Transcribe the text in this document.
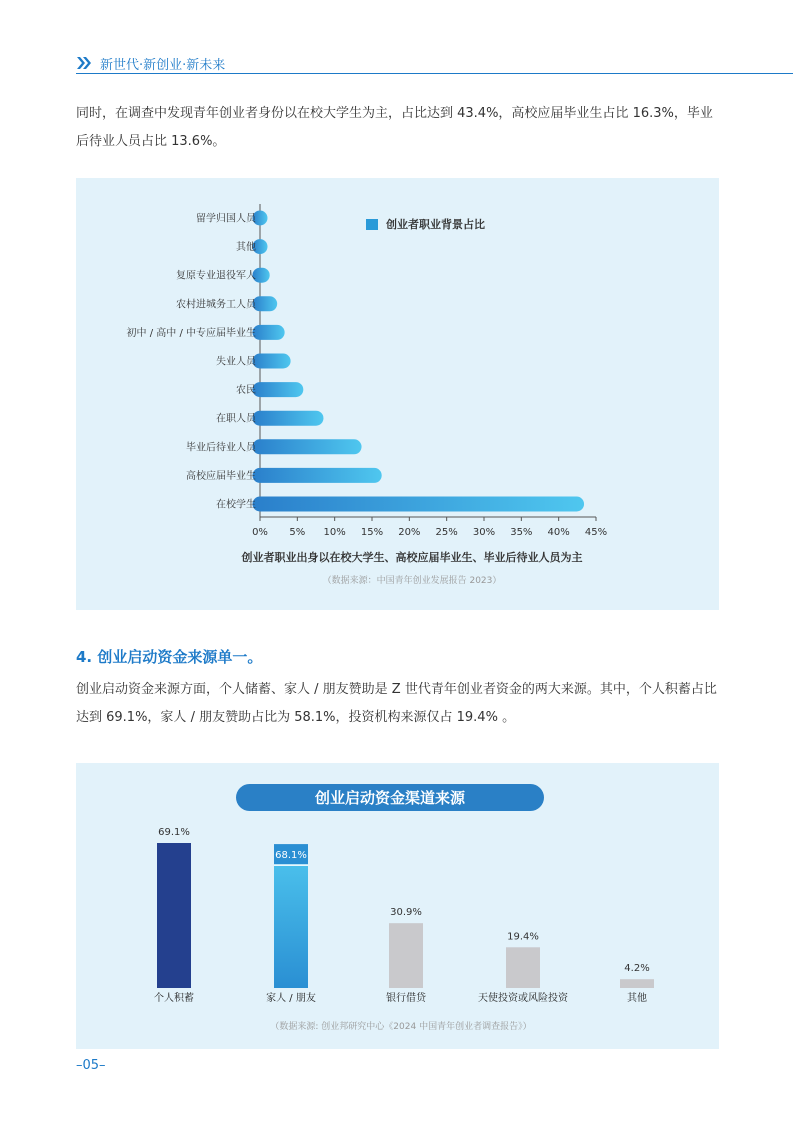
新世代·新创业·新未来
同时，在调查中发现青年创业者身份以在校大学生为主，占比达到 43.4%，高校应届毕业生占比 16.3%，毕业后待业人员占比 13.6%。
创业者职业背景占比
留学归国人员
其他
复原专业退役军人
农村进城务工人员
初中 / 高中 / 中专应届毕业生
失业人员
农民
在职人员
毕业后待业人员
高校应届毕业生
在校学生
0% 5% 10% 15% 20% 25% 30% 35% 40% 45%
创业者职业出身以在校大学生、高校应届毕业生、毕业后待业人员为主
（数据来源：中国青年创业发展报告 2023）
4. 创业启动资金来源单一。
创业启动资金来源方面，个人储蓄、家人 / 朋友赞助是 Z 世代青年创业者资金的两大来源。其中，个人积蓄占比达到 69.1%，家人 / 朋友赞助占比为 58.1%，投资机构来源仅占 19.4% 。
创业启动资金渠道来源
69.1%
个人积蓄
68.1%
家人 / 朋友
30.9%
银行借贷
19.4%
天使投资或风险投资
4.2%
其他
（数据来源: 创业邦研究中心《2024 中国青年创业者调查报告》）
–05–
